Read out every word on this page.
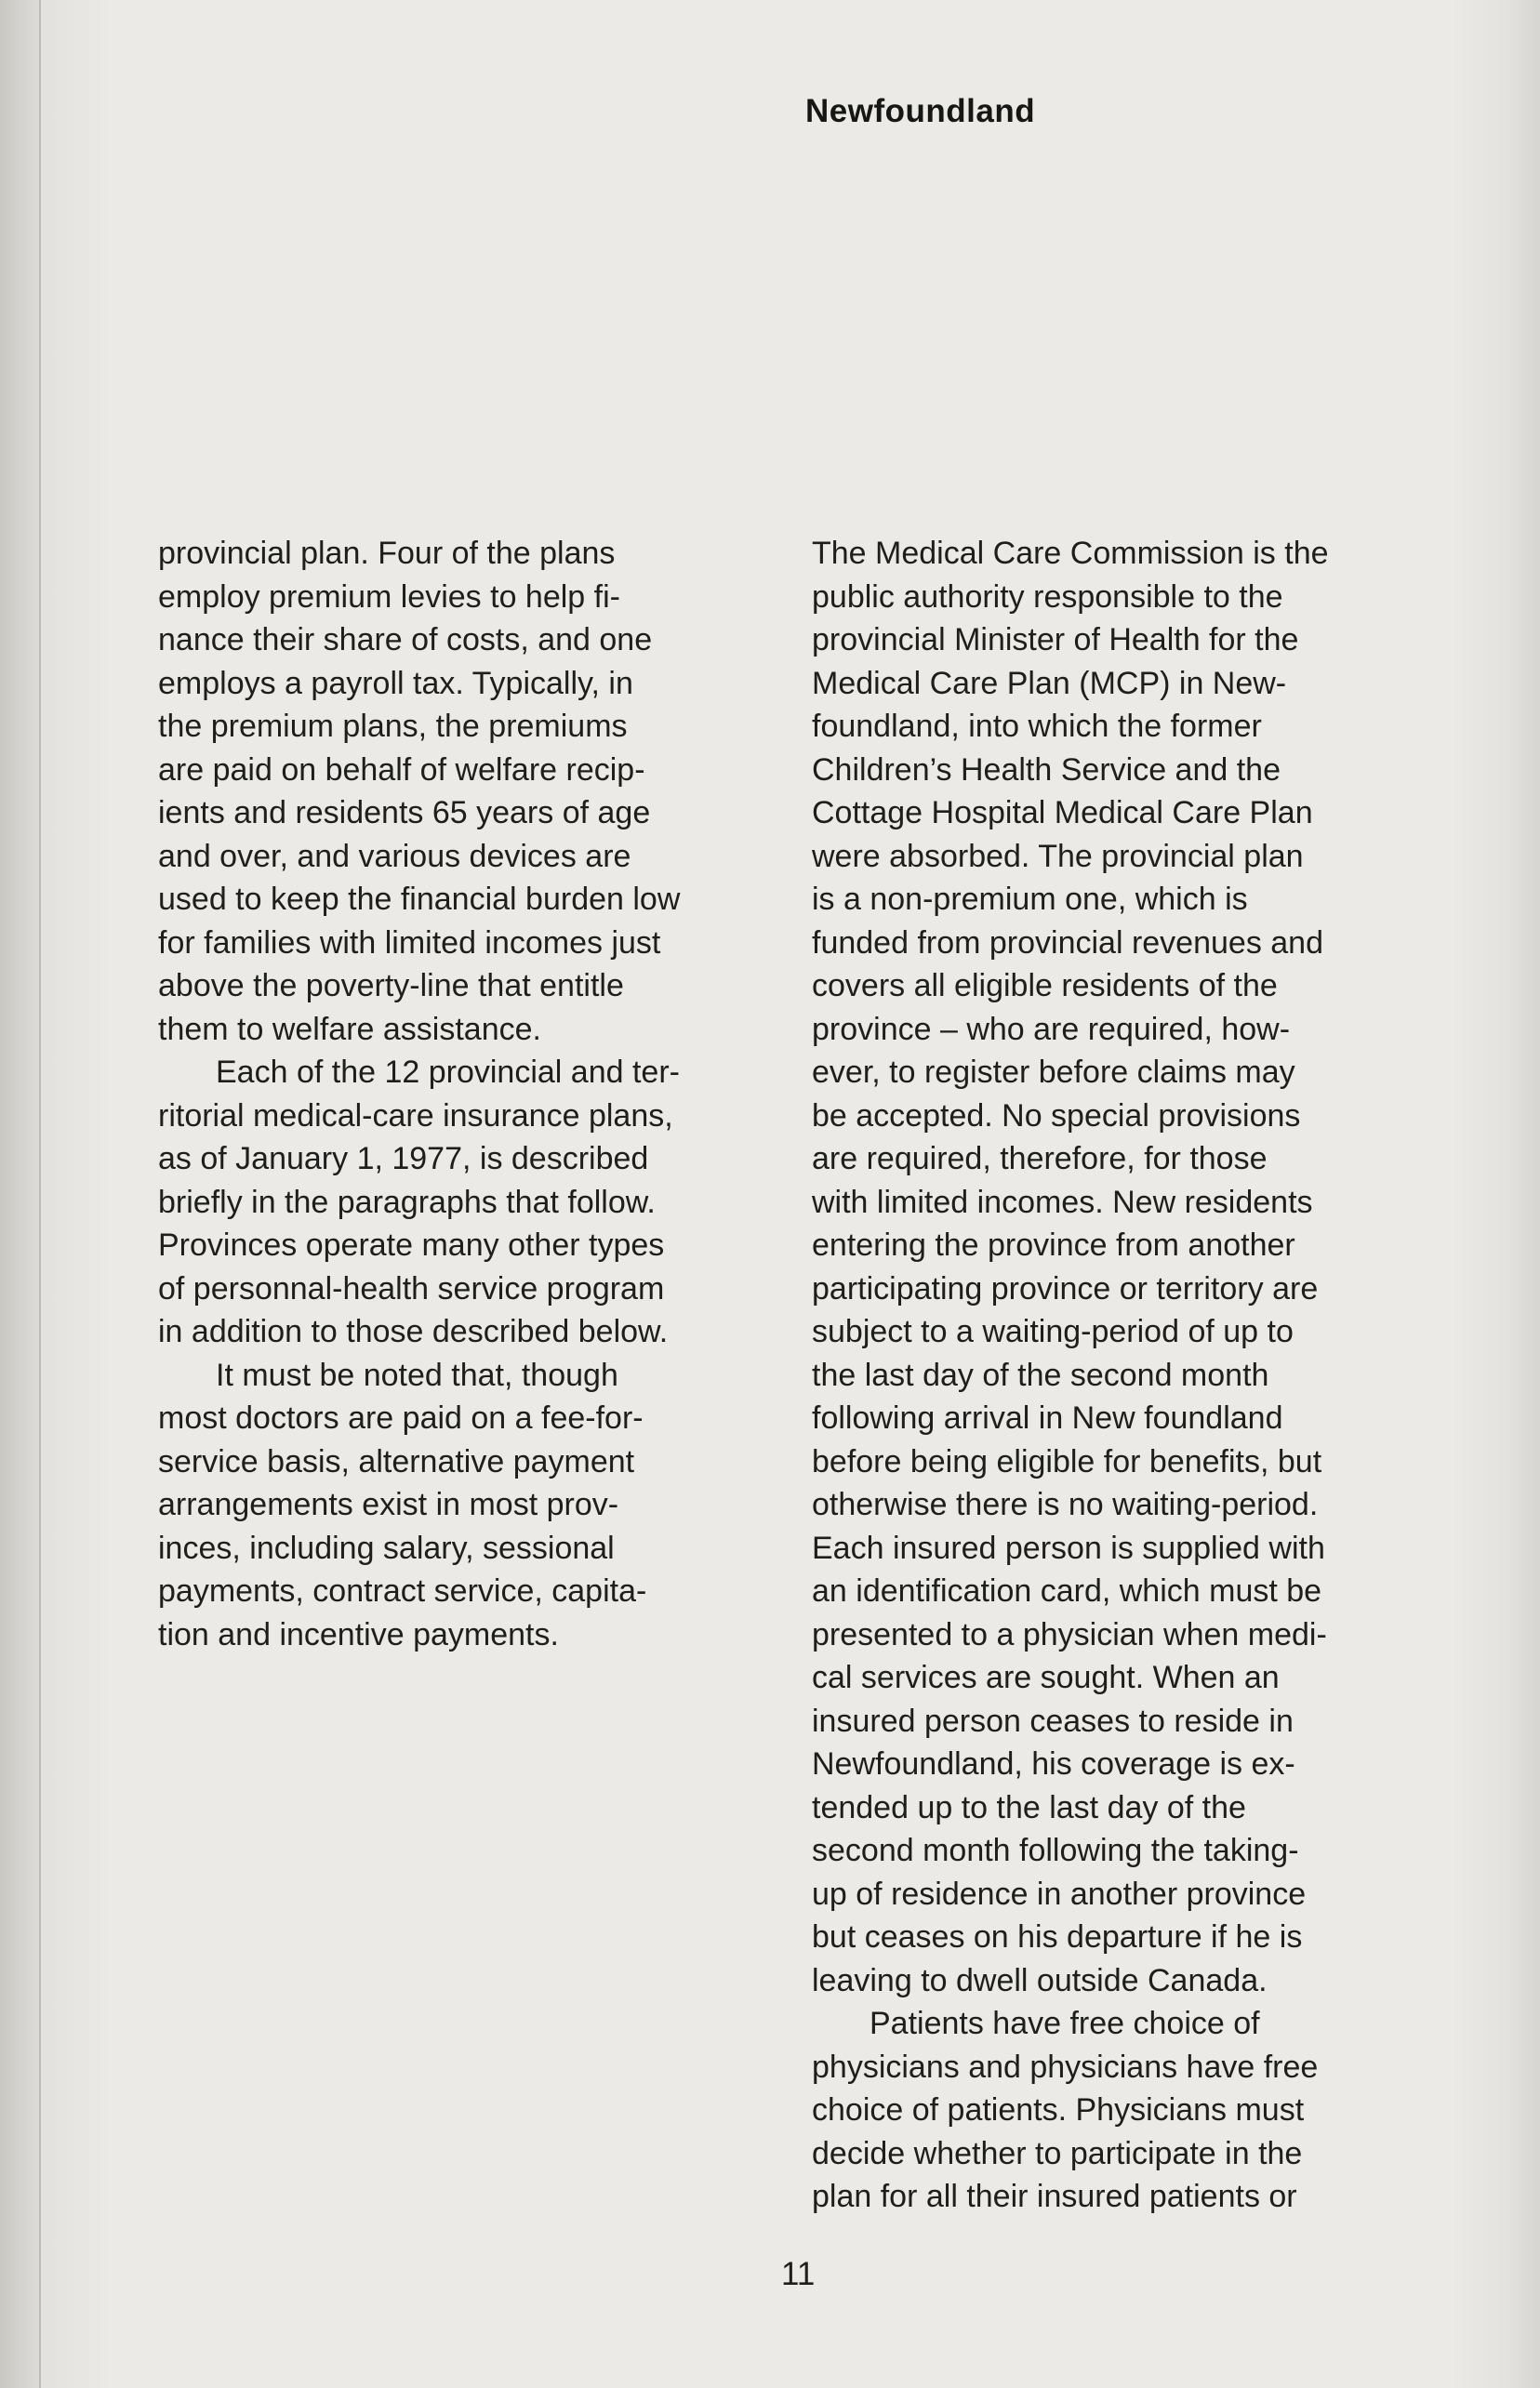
Newfoundland
provincial plan. Four of the plans
employ premium levies to help fi-
nance their share of costs, and one
employs a payroll tax. Typically, in
the premium plans, the premiums
are paid on behalf of welfare recip-
ients and residents 65 years of age
and over, and various devices are
used to keep the financial burden low
for families with limited incomes just
above the poverty-line that entitle
them to welfare assistance.
Each of the 12 provincial and ter-
ritorial medical-care insurance plans,
as of January 1, 1977, is described
briefly in the paragraphs that follow.
Provinces operate many other types
of personnal-health service program
in addition to those described below.
It must be noted that, though
most doctors are paid on a fee-for-
service basis, alternative payment
arrangements exist in most prov-
inces, including salary, sessional
payments, contract service, capita-
tion and incentive payments.
The Medical Care Commission is the
public authority responsible to the
provincial Minister of Health for the
Medical Care Plan (MCP) in New-
foundland, into which the former
Children’s Health Service and the
Cottage Hospital Medical Care Plan
were absorbed. The provincial plan
is a non-premium one, which is
funded from provincial revenues and
covers all eligible residents of the
province – who are required, how-
ever, to register before claims may
be accepted. No special provisions
are required, therefore, for those
with limited incomes. New residents
entering the province from another
participating province or territory are
subject to a waiting-period of up to
the last day of the second month
following arrival in New foundland
before being eligible for benefits, but
otherwise there is no waiting-period.
Each insured person is supplied with
an identification card, which must be
presented to a physician when medi-
cal services are sought. When an
insured person ceases to reside in
Newfoundland, his coverage is ex-
tended up to the last day of the
second month following the taking-
up of residence in another province
but ceases on his departure if he is
leaving to dwell outside Canada.
Patients have free choice of
physicians and physicians have free
choice of patients. Physicians must
decide whether to participate in the
plan for all their insured patients or
11
